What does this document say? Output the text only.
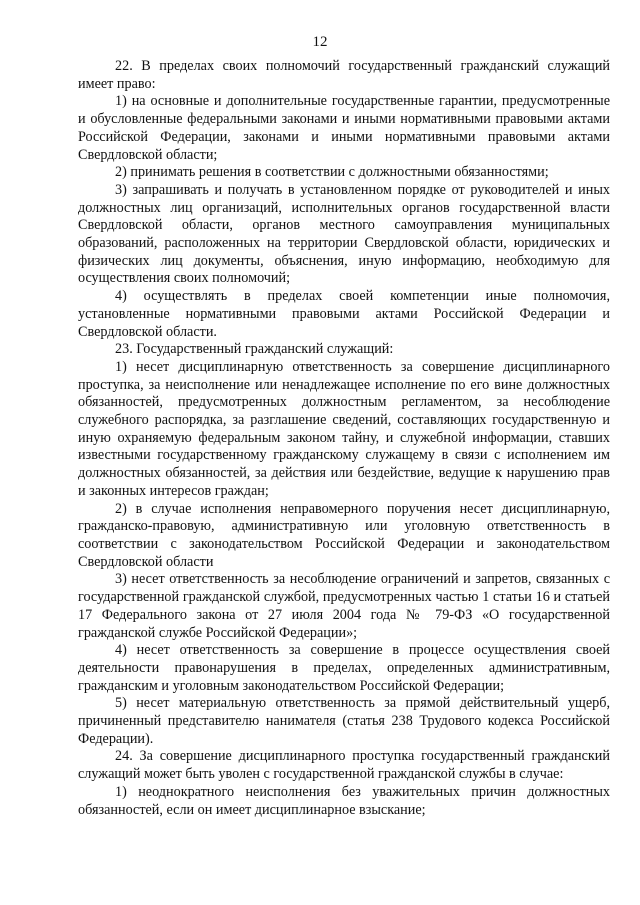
12

22. В пределах своих полномочий государственный гражданский служащий имеет право:

1) на основные и дополнительные государственные гарантии, предусмотренные и обусловленные федеральными законами и иными нормативными правовыми актами Российской Федерации, законами и иными нормативными правовыми актами Свердловской области;

2) принимать решения в соответствии с должностными обязанностями;

3) запрашивать и получать в установленном порядке от руководителей и иных должностных лиц организаций, исполнительных органов государственной власти Свердловской области, органов местного самоуправления муниципальных образований, расположенных на территории Свердловской области, юридических и физических лиц документы, объяснения, иную информацию, необходимую для осуществления своих полномочий;

4) осуществлять в пределах своей компетенции иные полномочия, установленные нормативными правовыми актами Российской Федерации и Свердловской области.

23. Государственный гражданский служащий:

1) несет дисциплинарную ответственность за совершение дисциплинарного проступка, за неисполнение или ненадлежащее исполнение по его вине должностных обязанностей, предусмотренных должностным регламентом, за несоблюдение служебного распорядка, за разглашение сведений, составляющих государственную и иную охраняемую федеральным законом тайну, и служебной информации, ставших известными государственному гражданскому служащему в связи с исполнением им должностных обязанностей, за действия или бездействие, ведущие к нарушению прав и законных интересов граждан;

2) в случае исполнения неправомерного поручения несет дисциплинарную, гражданско-правовую, административную или уголовную ответственность в соответствии с законодательством Российской Федерации и законодательством Свердловской области

3) несет ответственность за несоблюдение ограничений и запретов, связанных с государственной гражданской службой, предусмотренных частью 1 статьи 16 и статьей 17 Федерального закона от 27 июля 2004 года № 79-ФЗ «О государственной гражданской службе Российской Федерации»;

4) несет ответственность за совершение в процессе осуществления своей деятельности правонарушения в пределах, определенных административным, гражданским и уголовным законодательством Российской Федерации;

5) несет материальную ответственность за прямой действительный ущерб, причиненный представителю нанимателя (статья 238 Трудового кодекса Российской Федерации).

24. За совершение дисциплинарного проступка государственный гражданский служащий может быть уволен с государственной гражданской службы в случае:

1) неоднократного неисполнения без уважительных причин должностных обязанностей, если он имеет дисциплинарное взыскание;
